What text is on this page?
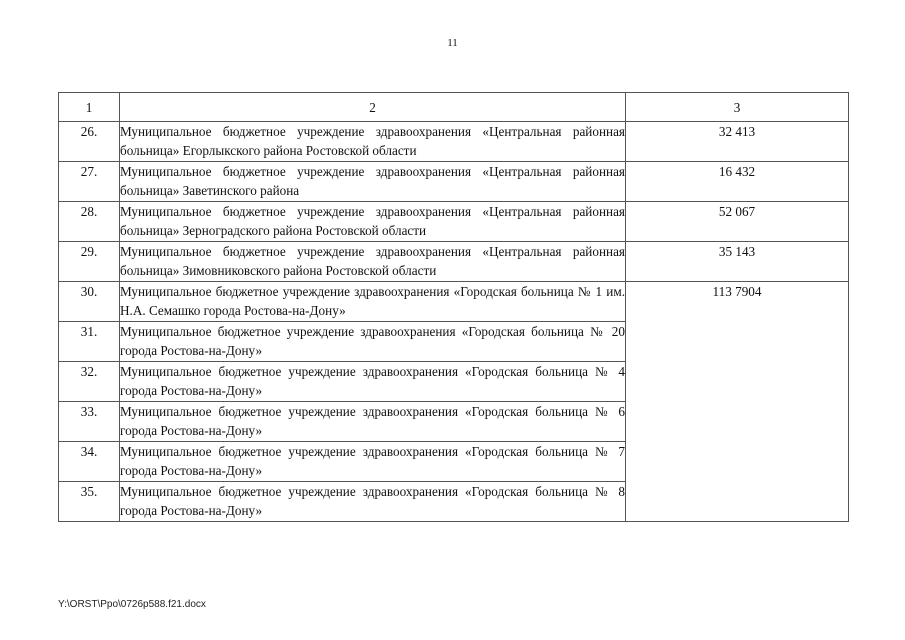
11
1	2	3
26.	Муниципальное бюджетное учреждение здравоохранения «Центральная районная больница» Егорлыкского района Ростовской области	32 413
27.	Муниципальное бюджетное учреждение здравоохранения «Центральная районная больница» Заветинского района	16 432
28.	Муниципальное бюджетное учреждение здравоохранения «Центральная районная больница» Зерноградского района Ростовской области	52 067
29.	Муниципальное бюджетное учреждение здравоохранения «Центральная районная больница» Зимовниковского района Ростовской области	35 143
30.	Муниципальное бюджетное учреждение здравоохранения «Городская больница № 1 им. Н.А. Семашко города Ростова-на-Дону»	113 7904
31.	Муниципальное бюджетное учреждение здравоохранения «Городская больница № 20 города Ростова-на-Дону»	
32.	Муниципальное бюджетное учреждение здравоохранения «Городская больница № 4 города Ростова-на-Дону»	
33.	Муниципальное бюджетное учреждение здравоохранения «Городская больница № 6 города Ростова-на-Дону»	
34.	Муниципальное бюджетное учреждение здравоохранения «Городская больница № 7 города Ростова-на-Дону»	
35.	Муниципальное бюджетное учреждение здравоохранения «Городская больница № 8 города Ростова-на-Дону»	
Y:\ORST\Ppo\0726p588.f21.docx
